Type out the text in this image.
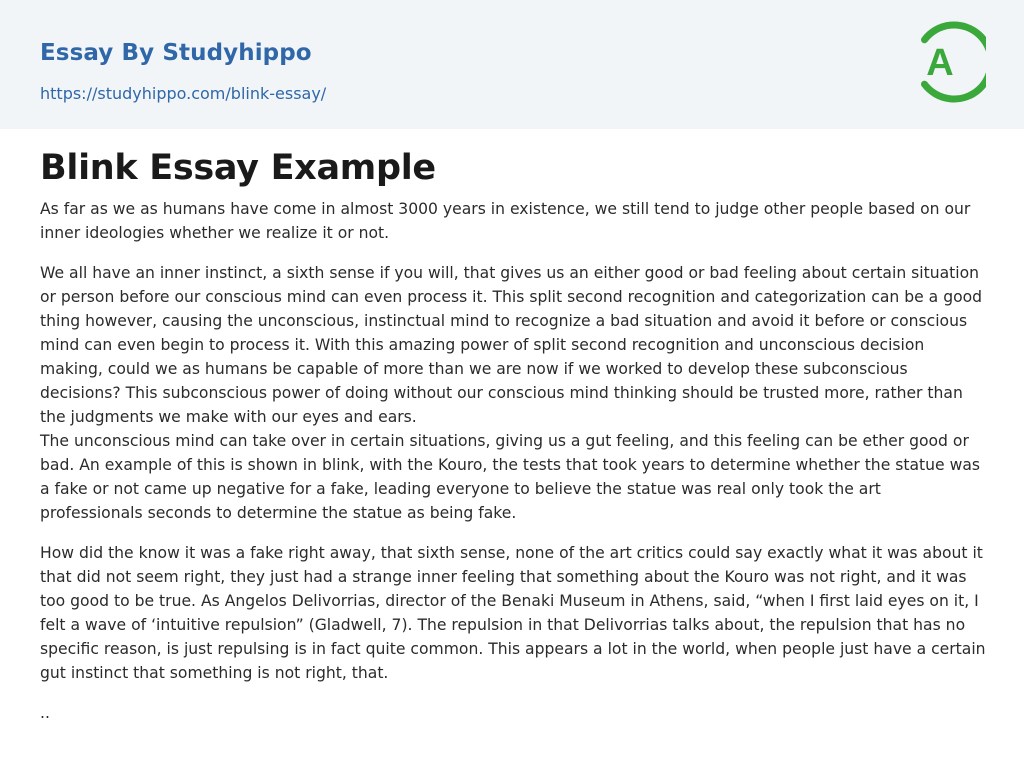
Essay By Studyhippo
https://studyhippo.com/blink-essay/
A
Blink Essay Example

As far as we as humans have come in almost 3000 years in existence, we still tend to judge other people based on our inner ideologies whether we realize it or not.

We all have an inner instinct, a sixth sense if you will, that gives us an either good or bad feeling about certain situation or person before our conscious mind can even process it. This split second recognition and categorization can be a good thing however, causing the unconscious, instinctual mind to recognize a bad situation and avoid it before or conscious mind can even begin to process it. With this amazing power of split second recognition and unconscious decision making, could we as humans be capable of more than we are now if we worked to develop these subconscious decisions? This subconscious power of doing without our conscious mind thinking should be trusted more, rather than the judgments we make with our eyes and ears.

The unconscious mind can take over in certain situations, giving us a gut feeling, and this feeling can be ether good or bad. An example of this is shown in blink, with the Kouro, the tests that took years to determine whether the statue was a fake or not came up negative for a fake, leading everyone to believe the statue was real only took the art professionals seconds to determine the statue as being fake.

How did the know it was a fake right away, that sixth sense, none of the art critics could say exactly what it was about it that did not seem right, they just had a strange inner feeling that something about the Kouro was not right, and it was too good to be true. As Angelos Delivorrias, director of the Benaki Museum in Athens, said, “when I first laid eyes on it, I felt a wave of ‘intuitive repulsion” (Gladwell, 7). The repulsion in that Delivorrias talks about, the repulsion that has no specific reason, is just repulsing is in fact quite common. This appears a lot in the world, when people just have a certain gut instinct that something is not right, that.

..
